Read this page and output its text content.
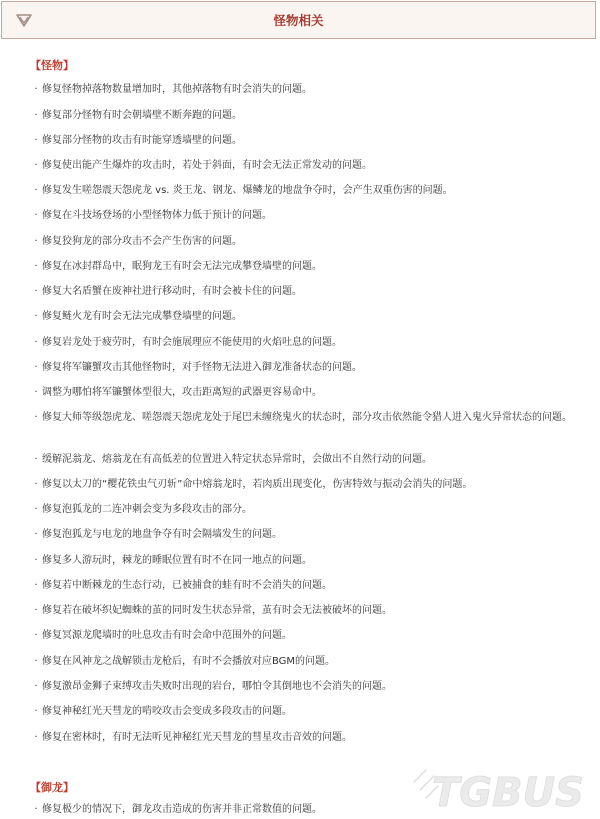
怪物相关
【怪物】
· 修复怪物掉落物数量增加时，其他掉落物有时会消失的问题。
· 修复部分怪物有时会朝墙壁不断奔跑的问题。
· 修复部分怪物的攻击有时能穿透墙壁的问题。
· 修复使出能产生爆炸的攻击时，若处于斜面，有时会无法正常发动的问题。
· 修复发生嗟怨震天怨虎龙 vs. 炎王龙、钢龙、爆鳞龙的地盘争夺时，会产生双重伤害的问题。
· 修复在斗技场登场的小型怪物体力低于预计的问题。
· 修复狡狗龙的部分攻击不会产生伤害的问题。
· 修复在冰封群岛中，眠狗龙王有时会无法完成攀登墙壁的问题。
· 修复大名盾蟹在废神社进行移动时，有时会被卡住的问题。
· 修复鲢火龙有时会无法完成攀登墙壁的问题。
· 修复岩龙处于疲劳时，有时会施展理应不能使用的火焰吐息的问题。
· 修复将军镰蟹攻击其他怪物时，对手怪物无法进入御龙准备状态的问题。
· 调整为哪怕将军镰蟹体型很大，攻击距离短的武器更容易命中。
· 修复大师等级怨虎龙、嗟怨震天怨虎龙处于尾巴未缠绕鬼火的状态时，部分攻击依然能令猎人进入鬼火异常状态的问题。
· 缓解泥翁龙、熔翁龙在有高低差的位置进入特定状态异常时，会做出不自然行动的问题。
· 修复以太刀的“樱花铁虫气刃斩”命中熔翁龙时，若肉质出现变化，伤害特效与振动会消失的问题。
· 修复泡狐龙的二连冲刺会变为多段攻击的部分。
· 修复泡狐龙与电龙的地盘争夺有时会隔墙发生的问题。
· 修复多人游玩时，棘龙的睡眠位置有时不在同一地点的问题。
· 修复若中断棘龙的生态行动，已被捕食的蛙有时不会消失的问题。
· 修复若在破坏织妃蜘蛛的茧的同时发生状态异常，茧有时会无法被破坏的问题。
· 修复冥源龙爬墙时的吐息攻击有时会命中范围外的问题。
· 修复在风神龙之战解锁击龙枪后，有时不会播放对应BGM的问题。
· 修复激昂金狮子束缚攻击失败时出现的岩台，哪怕令其倒地也不会消失的问题。
· 修复神秘红光天彗龙的啃咬攻击会变成多段攻击的问题。
· 修复在密林时，有时无法听见神秘红光天彗龙的彗星攻击音效的问题。
【御龙】
· 修复极少的情况下，御龙攻击造成的伤害并非正常数值的问题。	TGBUS
